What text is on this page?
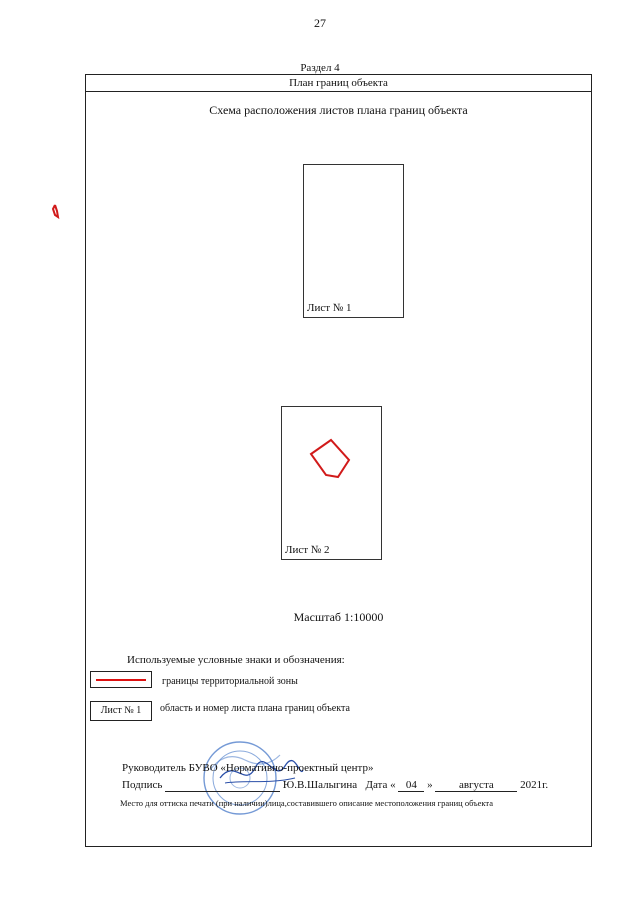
27
Раздел 4
План границ объекта
Схема расположения листов плана границ объекта
Лист № 1
Лист № 2
Масштаб 1:10000
Используемые условные знаки и обозначения:
границы территориальной зоны
Лист № 1	область и номер листа плана границ объекта
Руководитель БУВО «Нормативно-проектный центр»
Подпись	Ю.В.Шалыгина Дата « 04 » августа 2021г.
Место для оттиска печати (при наличии)лица,составившего описание местоположения границ объекта
